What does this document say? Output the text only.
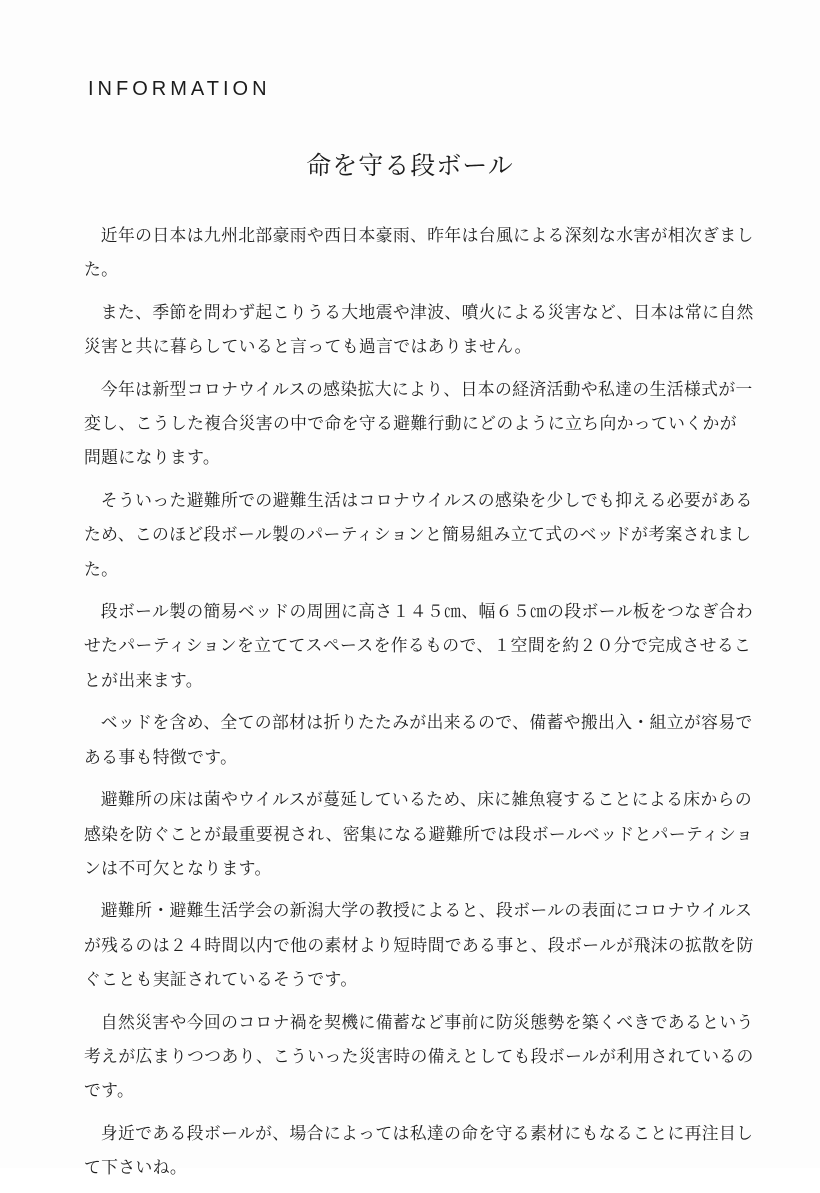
INFORMATION
命を守る段ボール

近年の日本は九州北部豪雨や西日本豪雨、昨年は台風による深刻な水害が相次ぎました。

また、季節を問わず起こりうる大地震や津波、噴火による災害など、日本は常に自然災害と共に暮らしていると言っても過言ではありません。

今年は新型コロナウイルスの感染拡大により、日本の経済活動や私達の生活様式が一変し、こうした複合災害の中で命を守る避難行動にどのように立ち向かっていくかが問題になります。

そういった避難所での避難生活はコロナウイルスの感染を少しでも抑える必要があるため、このほど段ボール製のパーティションと簡易組み立て式のベッドが考案されました。

段ボール製の簡易ベッドの周囲に高さ１４５㎝、幅６５㎝の段ボール板をつなぎ合わせたパーティションを立ててスペースを作るもので、１空間を約２０分で完成させることが出来ます。

ベッドを含め、全ての部材は折りたたみが出来るので、備蓄や搬出入・組立が容易である事も特徴です。

避難所の床は菌やウイルスが蔓延しているため、床に雑魚寝することによる床からの感染を防ぐことが最重要視され、密集になる避難所では段ボールベッドとパーティションは不可欠となります。

避難所・避難生活学会の新潟大学の教授によると、段ボールの表面にコロナウイルスが残るのは２４時間以内で他の素材より短時間である事と、段ボールが飛沫の拡散を防ぐことも実証されているそうです。

自然災害や今回のコロナ禍を契機に備蓄など事前に防災態勢を築くべきであるという考えが広まりつつあり、こういった災害時の備えとしても段ボールが利用されているのです。

身近である段ボールが、場合によっては私達の命を守る素材にもなることに再注目して下さいね。
